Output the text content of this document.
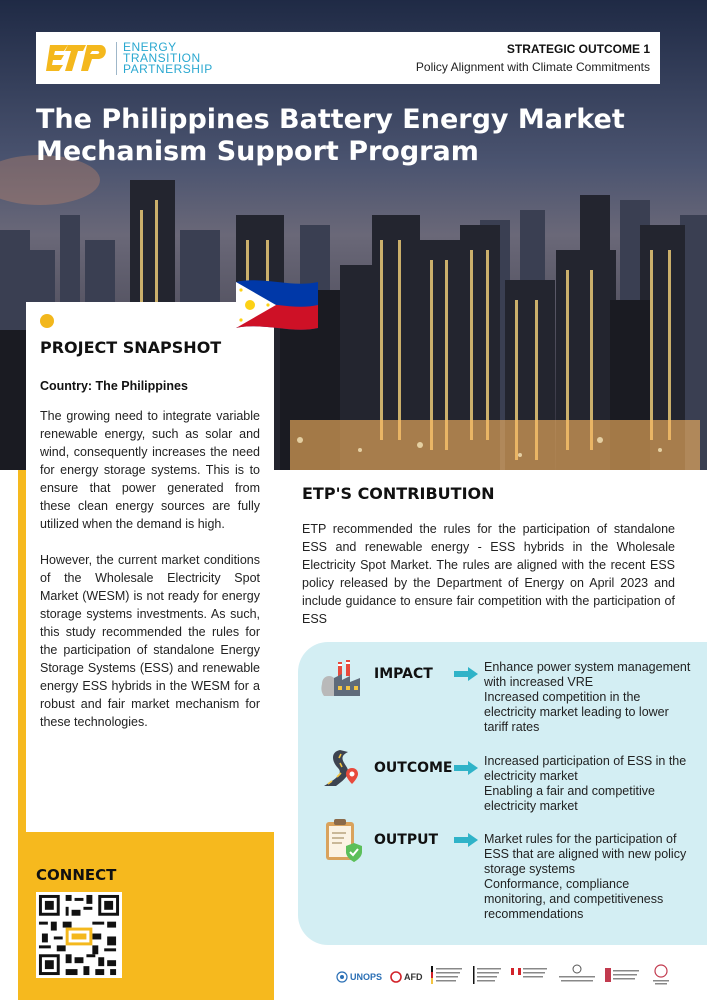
ENERGY
TRANSITION
PARTNERSHIP
STRATEGIC OUTCOME 1
Policy Alignment with Climate Commitments
The Philippines Battery Energy Market Mechanism Support Program
PROJECT SNAPSHOT
Country: The Philippines

The growing need to integrate variable renewable energy, such as solar and wind, consequently increases the need for energy storage systems. This is to ensure that power generated from these clean energy sources are fully utilized when the demand is high.

However, the current market conditions of the Wholesale Electricity Spot Market (WESM) is not ready for energy storage systems investments. As such, this study recommended the rules for the participation of standalone Energy Storage Systems (ESS) and renewable energy ESS hybrids in the WESM for a robust and fair market mechanism for these technologies.

CONNECT
ETP'S CONTRIBUTION

ETP recommended the rules for the participation of standalone ESS and renewable energy - ESS hybrids in the Wholesale Electricity Spot Market. The rules are aligned with the recent ESS policy released by the Department of Energy on April 2023 and include guidance to ensure fair competition with the participation of ESS

IMPACT	Enhance power system management with increased VRE
Increased competition in the electricity market leading to lower tariff rates
OUTCOME	Increased participation of ESS in the electricity market
Enabling a fair and competitive electricity market
OUTPUT	Market rules for the participation of ESS that are aligned with new policy storage systems
Conformance, compliance monitoring, and competitiveness recommendations
UNOPS AFD
